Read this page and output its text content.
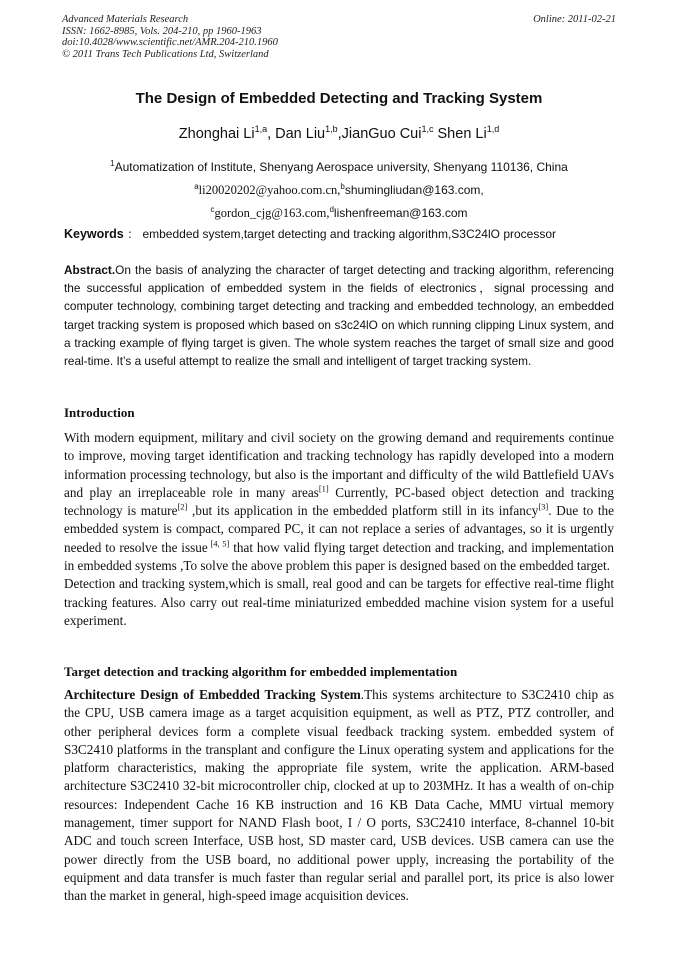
Advanced Materials Research
ISSN: 1662-8985, Vols. 204-210, pp 1960-1963
doi:10.4028/www.scientific.net/AMR.204-210.1960
© 2011 Trans Tech Publications Ltd, Switzerland
Online: 2011-02-21
The Design of Embedded Detecting and Tracking System
Zhonghai Li$^{1,a}$, Dan Liu$^{1,b}$,JianGuo Cui$^{1,c}$ Shen Li$^{1,d}$
$^1$Automatization of Institute, Shenyang Aerospace university, Shenyang 110136, China
$^a$li20020202@yahoo.com.cn,$^b$shumingliudan@163.com,
$^c$gordon_cjg@163.com,$^d$lishenfreeman@163.com
Keywords ： embedded system,target detecting and tracking algorithm,S3C24lO processor
Abstract.On the basis of analyzing the character of target detecting and tracking algorithm, referencing the successful application of embedded system in the fields of electronics，signal processing and computer technology, combining target detecting and tracking and embedded technology, an embedded target tracking system is proposed which based on s3c24lO on which running clipping Linux system, and a tracking example of flying target is given. The whole system reaches the target of small size and good real-time. It’s a useful attempt to realize the small and intelligent of target tracking system.
Introduction

With modern equipment, military and civil society on the growing demand and requirements continue to improve, moving target identification and tracking technology has rapidly developed into a modern information processing technology, but also is the important and difficulty of the wild Battlefield UAVs and play an irreplaceable role in many areas[1] Currently, PC-based object detection and tracking technology is mature[2] ,but its application in the embedded platform still in its infancy[3]. Due to the embedded system is compact, compared PC, it can not replace a series of advantages, so it is urgently needed to resolve the issue [4, 5] that how valid flying target detection and tracking, and implementation in embedded systems ,To solve the above problem this paper is designed based on the embedded target.

Detection and tracking system,which is small, real good and can be targets for effective real-time flight tracking features. Also carry out real-time miniaturized embedded machine vision system for a useful experiment.

Target detection and tracking algorithm for embedded implementation

Architecture Design of Embedded Tracking System.This systems architecture to S3C2410 chip as the CPU, USB camera image as a target acquisition equipment, as well as PTZ, PTZ controller, and other peripheral devices form a complete visual feedback tracking system. embedded system of S3C2410 platforms in the transplant and configure the Linux operating system and applications for the platform characteristics, making the appropriate file system, write the application. ARM-based architecture S3C2410 32-bit microcontroller chip, clocked at up to 203MHz. It has a wealth of on-chip resources: Independent Cache 16 KB instruction and 16 KB Data Cache, MMU virtual memory management, timer support for NAND Flash boot, I / O ports, S3C2410 interface, 8-channel 10-bit ADC and touch screen Interface, USB host, SD master card, USB devices. USB camera can use the power directly from the USB board, no additional power upply, increasing the portability of the equipment and data transfer is much faster than regular serial and parallel port, its price is also lower than the market in general, high-speed image acquisition devices.
